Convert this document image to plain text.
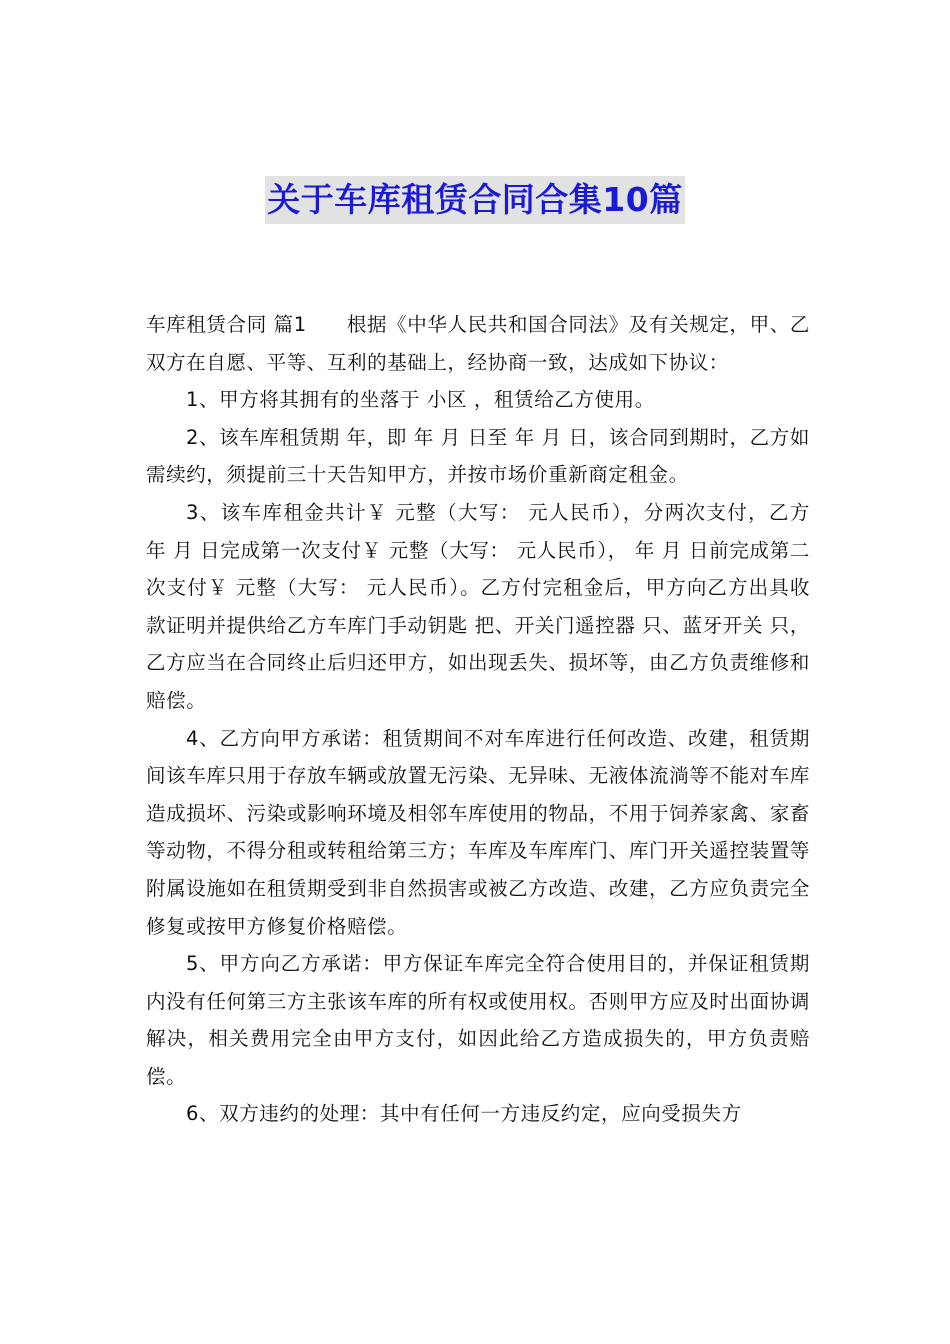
关于车库租赁合同合集10篇

车库租赁合同 篇1 根据《中华人民共和国合同法》及有关规定，甲、乙双方在自愿、平等、互利的基础上，经协商一致，达成如下协议：

1、甲方将其拥有的坐落于 小区 ，租赁给乙方使用。

2、该车库租赁期 年，即 年 月 日至 年 月 日，该合同到期时，乙方如需续约，须提前三十天告知甲方，并按市场价重新商定租金。

3、该车库租金共计￥ 元整（大写： 元人民币），分两次支付，乙方 年 月 日完成第一次支付￥ 元整（大写： 元人民币）， 年 月 日前完成第二次支付￥ 元整（大写： 元人民币）。乙方付完租金后，甲方向乙方出具收款证明并提供给乙方车库门手动钥匙 把、开关门遥控器 只、蓝牙开关 只，乙方应当在合同终止后归还甲方，如出现丢失、损坏等，由乙方负责维修和赔偿。

4、乙方向甲方承诺：租赁期间不对车库进行任何改造、改建，租赁期间该车库只用于存放车辆或放置无污染、无异味、无液体流淌等不能对车库造成损坏、污染或影响环境及相邻车库使用的物品，不用于饲养家禽、家畜等动物，不得分租或转租给第三方；车库及车库库门、库门开关遥控装置等附属设施如在租赁期受到非自然损害或被乙方改造、改建，乙方应负责完全修复或按甲方修复价格赔偿。

5、甲方向乙方承诺：甲方保证车库完全符合使用目的，并保证租赁期内没有任何第三方主张该车库的所有权或使用权。否则甲方应及时出面协调解决，相关费用完全由甲方支付，如因此给乙方造成损失的，甲方负责赔偿。

6、双方违约的处理：其中有任何一方违反约定，应向受损失方
